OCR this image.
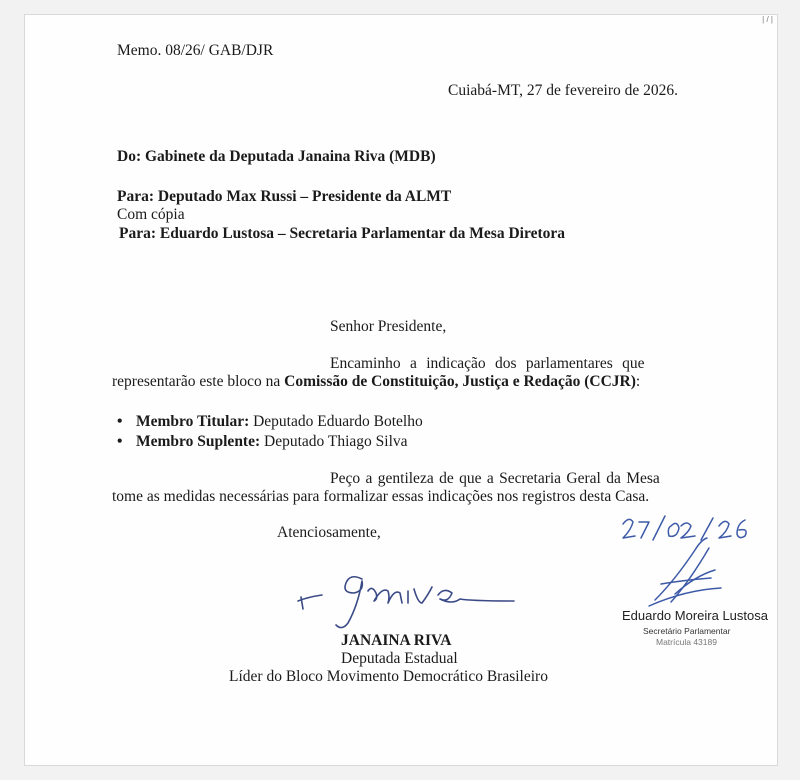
| / |
Memo. 08/26/ GAB/DJR
Cuiabá-MT, 27 de fevereiro de 2026.
Do: Gabinete da Deputada Janaina Riva (MDB)
Para: Deputado Max Russi – Presidente da ALMT
Com cópia
Para: Eduardo Lustosa – Secretaria Parlamentar da Mesa Diretora
Senhor Presidente,
Encaminho a indicação dos parlamentares que
representarão este bloco na Comissão de Constituição, Justiça e Redação (CCJR):
• Membro Titular: Deputado Eduardo Botelho
• Membro Suplente: Deputado Thiago Silva
Peço a gentileza de que a Secretaria Geral da Mesa
tome as medidas necessárias para formalizar essas indicações nos registros desta Casa.
Atenciosamente,
JANAINA RIVA
Deputada Estadual
Líder do Bloco Movimento Democrático Brasileiro
Eduardo Moreira Lustosa
Secretário Parlamentar
Matrícula 43189
